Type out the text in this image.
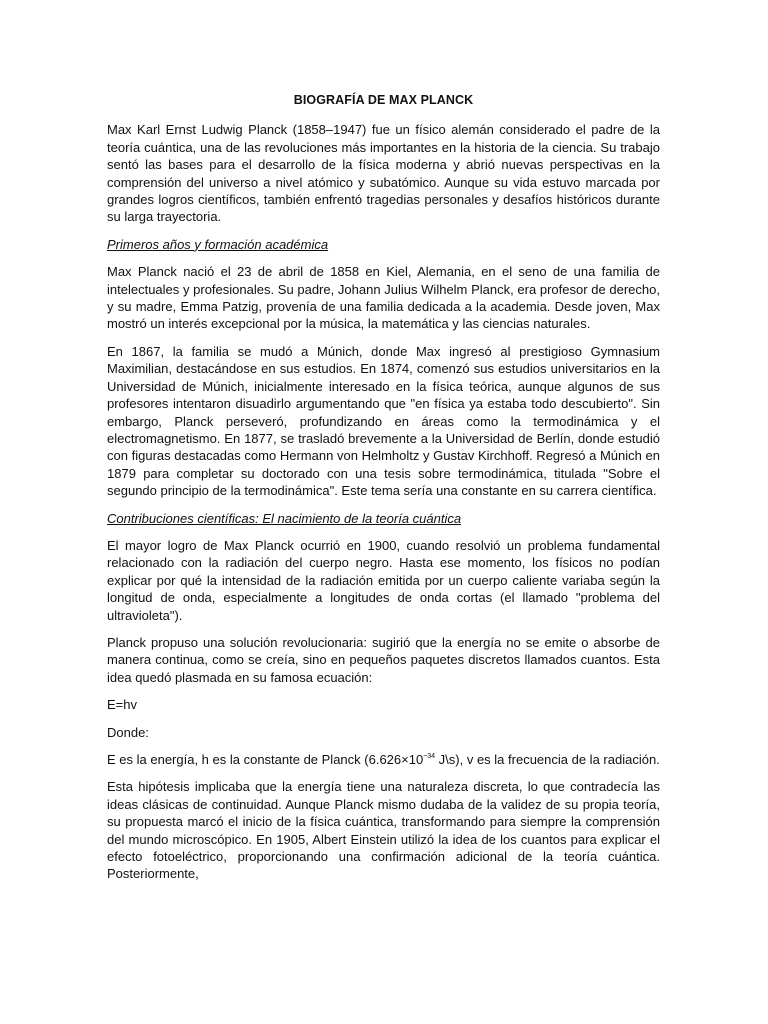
BIOGRAFÍA DE MAX PLANCK

Max Karl Ernst Ludwig Planck (1858–1947) fue un físico alemán considerado el padre de la teoría cuántica, una de las revoluciones más importantes en la historia de la ciencia. Su trabajo sentó las bases para el desarrollo de la física moderna y abrió nuevas perspectivas en la comprensión del universo a nivel atómico y subatómico. Aunque su vida estuvo marcada por grandes logros científicos, también enfrentó tragedias personales y desafíos históricos durante su larga trayectoria.

Primeros años y formación académica

Max Planck nació el 23 de abril de 1858 en Kiel, Alemania, en el seno de una familia de intelectuales y profesionales. Su padre, Johann Julius Wilhelm Planck, era profesor de derecho, y su madre, Emma Patzig, provenía de una familia dedicada a la academia. Desde joven, Max mostró un interés excepcional por la música, la matemática y las ciencias naturales.

En 1867, la familia se mudó a Múnich, donde Max ingresó al prestigioso Gymnasium Maximilian, destacándose en sus estudios. En 1874, comenzó sus estudios universitarios en la Universidad de Múnich, inicialmente interesado en la física teórica, aunque algunos de sus profesores intentaron disuadirlo argumentando que "en física ya estaba todo descubierto". Sin embargo, Planck perseveró, profundizando en áreas como la termodinámica y el electromagnetismo. En 1877, se trasladó brevemente a la Universidad de Berlín, donde estudió con figuras destacadas como Hermann von Helmholtz y Gustav Kirchhoff. Regresó a Múnich en 1879 para completar su doctorado con una tesis sobre termodinámica, titulada "Sobre el segundo principio de la termodinámica". Este tema sería una constante en su carrera científica.

Contribuciones científicas: El nacimiento de la teoría cuántica

El mayor logro de Max Planck ocurrió en 1900, cuando resolvió un problema fundamental relacionado con la radiación del cuerpo negro. Hasta ese momento, los físicos no podían explicar por qué la intensidad de la radiación emitida por un cuerpo caliente variaba según la longitud de onda, especialmente a longitudes de onda cortas (el llamado "problema del ultravioleta").

Planck propuso una solución revolucionaria: sugirió que la energía no se emite o absorbe de manera continua, como se creía, sino en pequeños paquetes discretos llamados cuantos. Esta idea quedó plasmada en su famosa ecuación:

E=hv

Donde:

E es la energía, h es la constante de Planck ($6.626\times 10^{-34}$ J\s), v es la frecuencia de la radiación.

Esta hipótesis implicaba que la energía tiene una naturaleza discreta, lo que contradecía las ideas clásicas de continuidad. Aunque Planck mismo dudaba de la validez de su propia teoría, su propuesta marcó el inicio de la física cuántica, transformando para siempre la comprensión del mundo microscópico. En 1905, Albert Einstein utilizó la idea de los cuantos para explicar el efecto fotoeléctrico, proporcionando una confirmación adicional de la teoría cuántica. Posteriormente,
